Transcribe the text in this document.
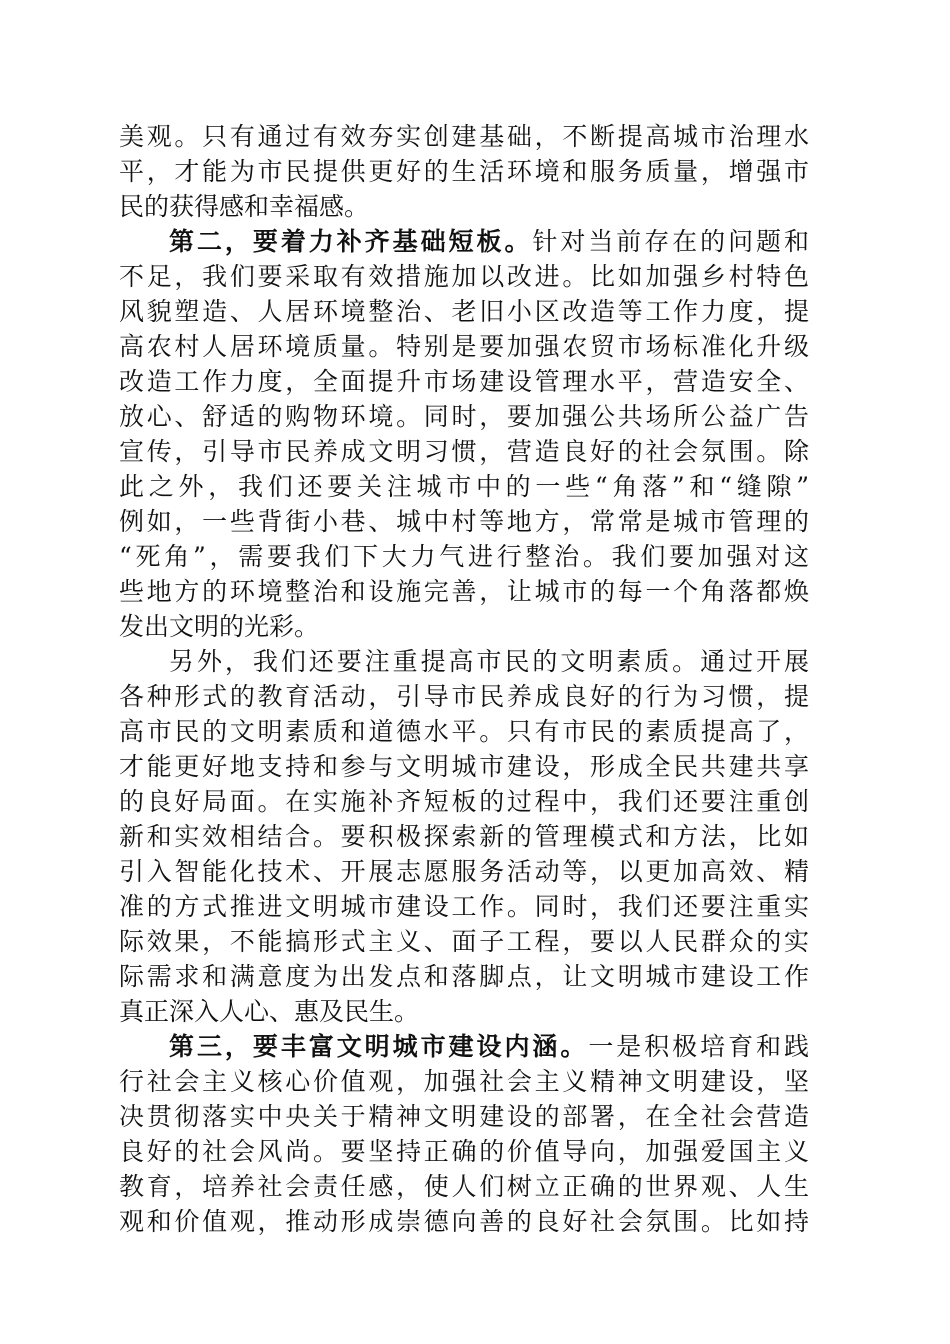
美观。只有通过有效夯实创建基础，不断提高城市治理水
平，才能为市民提供更好的生活环境和服务质量，增强市
民的获得感和幸福感。
第二，要着力补齐基础短板。针对当前存在的问题和
不足，我们要采取有效措施加以改进。比如加强乡村特色
风貌塑造、人居环境整治、老旧小区改造等工作力度，提
高农村人居环境质量。特别是要加强农贸市场标准化升级
改造工作力度，全面提升市场建设管理水平，营造安全、
放心、舒适的购物环境。同时，要加强公共场所公益广告
宣传，引导市民养成文明习惯，营造良好的社会氛围。除
此之外，我们还要关注城市中的一些“角落”和“缝隙”
例如，一些背街小巷、城中村等地方，常常是城市管理的
“死角”，需要我们下大力气进行整治。我们要加强对这
些地方的环境整治和设施完善，让城市的每一个角落都焕
发出文明的光彩。
另外，我们还要注重提高市民的文明素质。通过开展
各种形式的教育活动，引导市民养成良好的行为习惯，提
高市民的文明素质和道德水平。只有市民的素质提高了，
才能更好地支持和参与文明城市建设，形成全民共建共享
的良好局面。在实施补齐短板的过程中，我们还要注重创
新和实效相结合。要积极探索新的管理模式和方法，比如
引入智能化技术、开展志愿服务活动等，以更加高效、精
准的方式推进文明城市建设工作。同时，我们还要注重实
际效果，不能搞形式主义、面子工程，要以人民群众的实
际需求和满意度为出发点和落脚点，让文明城市建设工作
真正深入人心、惠及民生。
第三，要丰富文明城市建设内涵。一是积极培育和践
行社会主义核心价值观，加强社会主义精神文明建设，坚
决贯彻落实中央关于精神文明建设的部署，在全社会营造
良好的社会风尚。要坚持正确的价值导向，加强爱国主义
教育，培养社会责任感，使人们树立正确的世界观、人生
观和价值观，推动形成崇德向善的良好社会氛围。比如持
